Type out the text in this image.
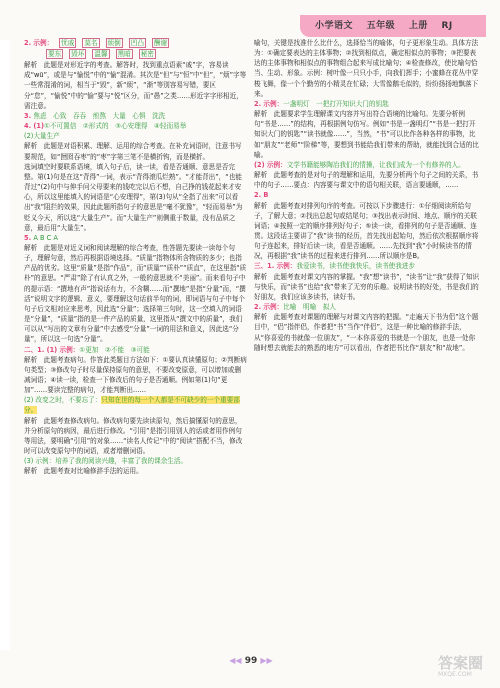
小学语文 五年级 上册 RJ
2. 示例：	忧戚	莫名	烦倒	凹凸	酬谢
要东	毁坏	温馨	黑暗	秘密

解析　此题是对形近字的考查。解答时，找到重点语素“戚”字，容易读成“wū”，或是与“愉悦”中的“愉”混淆。其次是“但”与“恒”中“但”，“烦”字等一些常混淆的词，相当于“毁”，新“烦”，“渐”等别容易写错，要区分“怠”，“愉悦”中的“愉”要与“悦”区分，而“愚”之类……形近字字形相近，需注意。

3. 焦虑　心致　吞吞　煎熬　大量　心惧　洗洗

4. (1)①不可置信　②形式的　③心安理得　④轻而易举

(2)大量生产

解析　此题是对语积累、理解、运用的综合考查。在补充词语时，注意书写要规范，如“囫囵吞枣”的“枣”字第三笔不是横折钩，而是横折。

选词填空时要联系语境，填入句子后，读一读，看是否通顺、意思是否完整。第(1)句是在这“背得”一词，表示“背得滚瓜烂熟”。“才能背出”，“也能背过”(2)句中与伸手问父母要来的钱吃完以后不想，自己挣的钱花起来才安心，所以这里能填入的词语是“心安理得”，第(3)句从“全指了出来”可以看出“我”阻拦的效果，因此此题所指句子的意思是“毫不犹豫”，“轻而易举”为贬义今天，所以选“大量生产”。而“大量生产”则侧重于数量，没有品质之意，最后用“大量生”。

5. A B C A

解析　此题是对近义词和阅读理解的综合考查，性答题先要读一读每个句子，理解句意，然后再根据语境选择。“质量”指物体所含物质的多少；也指产品的优劣。这里“质量”是指“作品”，而“质量”“质朴”“质直”，在这里指“质朴”的意思。“严肃”除了有认真之外，一般的意思就不“美丽”。而来看句子中的提示语：“撰地有声”指说话有力，不含糊……而“撰地”是指“分量”而，“撰活”说明文字的逻辑、意义，要理解这句话前半句的词，即词语与句子中每个句子后文相对应来思考，因此选“分量”；选择第三句时，这一空填入的词语是“分量”，“质量”指的是一件产品的质量，这里指从“撰文中的质量”，我们可以从“写出的文章有分量”中去感受“分量”一词的用法和意义，因此选“分量”，所以这一句选“分量”。

二、1. (1) 示例：①更加　②不能　③可能

解析　此题考查病句。作答此类题目方法如下：①要认真读懂原句；②判断病句类型；③修改句子时尽量保持原句的意思，不要改变原意，可以增加或删减词语；④读一读，检查一下修改后的句子是否通顺。例如第(1)句“更加”……要读完整的病句，才能判断出……

(2) 改变之时，不要忘了：只知在世的每一个人都是不可缺少的一个重要部分。

解析　此题考查修改病句。修改病句要先读读原句，然后搞懂原句的意思，并分析原句的病因，最后进行修改。“引用”是指引用别人的话或者用作例句等用法，要明确“引用”的对象……“读名人传记”中的“阅读”搭配不当，修改时可以改变原句中的词语，或者增删词语。

(3) 示例：培养了我的阅读兴趣，丰富了我的课余生活。

解析　此题考查对比喻修辞手法的运用。

喻句，关键是找准什么比什么，选择恰当的喻体，句子更形象生动。具体方法为：①确定要表达的主体事物；②找到相似点，确定相似点的事物；③把要表达的主体事物和相似点的事物组合起来写成比喻句；④检查修改，使比喻句恰当、生动、形象。示例：树叶像一只只小手，向我们挥手；小蜜蜂在花丛中穿梭飞舞，像一个个勤劳的小精灵在忙碌；大雪像鹅毛似的，纷纷扬扬地飘落下来。

2. 示例：一盏明灯　一把打开知识大门的钥匙

解析　此题要求学生理解课文内容并写出符合语境的比喻句。先要分析例句“书是……”的结构，再根据例句仿写。例如“书是一盏明灯”“书是一把打开知识大门的钥匙”“读书就像……”，当然，“书”可以比作各种各样的事物，比如“朋友”“老师”“阶梯”等，要想到书能给我们带来的帮助，就能找到合适的比喻。

(2) 示例：文学书籍能够陶冶我们的情操，让我们成为一个有修养的人。

解析　此题考查的是对句子的理解和运用，先要分析两个句子之间的关系，书中的句子……要点：内容要与课文中的语句相关联，语言要通顺，……

2. B

解析　此题考查对排列句序的考查。可按以下步骤进行：①仔细阅读所给句子，了解大意；②找出总起句或结尾句；③找出表示时间、地点、顺序的关联词语；④按照一定的顺序排列好句子；⑤读一读，看排列的句子是否通顺、连贯。这段话主要讲了“我”读书的经历，首先找出起始句，然后依次根据顺序将句子连起来，排好后读一读，看是否通顺。……先找到“我”小时候读书的情况，再根据“我”读书的过程来进行排列……所以顺序是B。

三、1. 示例：我爱读书，读书使我快乐，读书使我进步

解析　此题考查对课文内容的掌握。“我”想“读书”，“读书”让“我”获得了知识与快乐，而“读书”也给“我”带来了无穷的乐趣。说明读书的好处，书是我们的好朋友，我们应该多读书，读好书。

2. 示例：比喻　明喻　拟人

解析　此题考查对课题的理解与对课文内容的把握。“走遍天下书为侣”这个题目中，“侣”指伴侣，作者把“书”当作“伴侣”，这是一种比喻的修辞手法，从“你喜爱的书就像一位朋友”，“一本你喜爱的书就是一个朋友，也是一处你随时想去就能去的熟悉的地方”可以看出，作者把书比作“朋友”和“故地”。

◀◀ 99 ▶▶	答案圈
MXQE.COM
